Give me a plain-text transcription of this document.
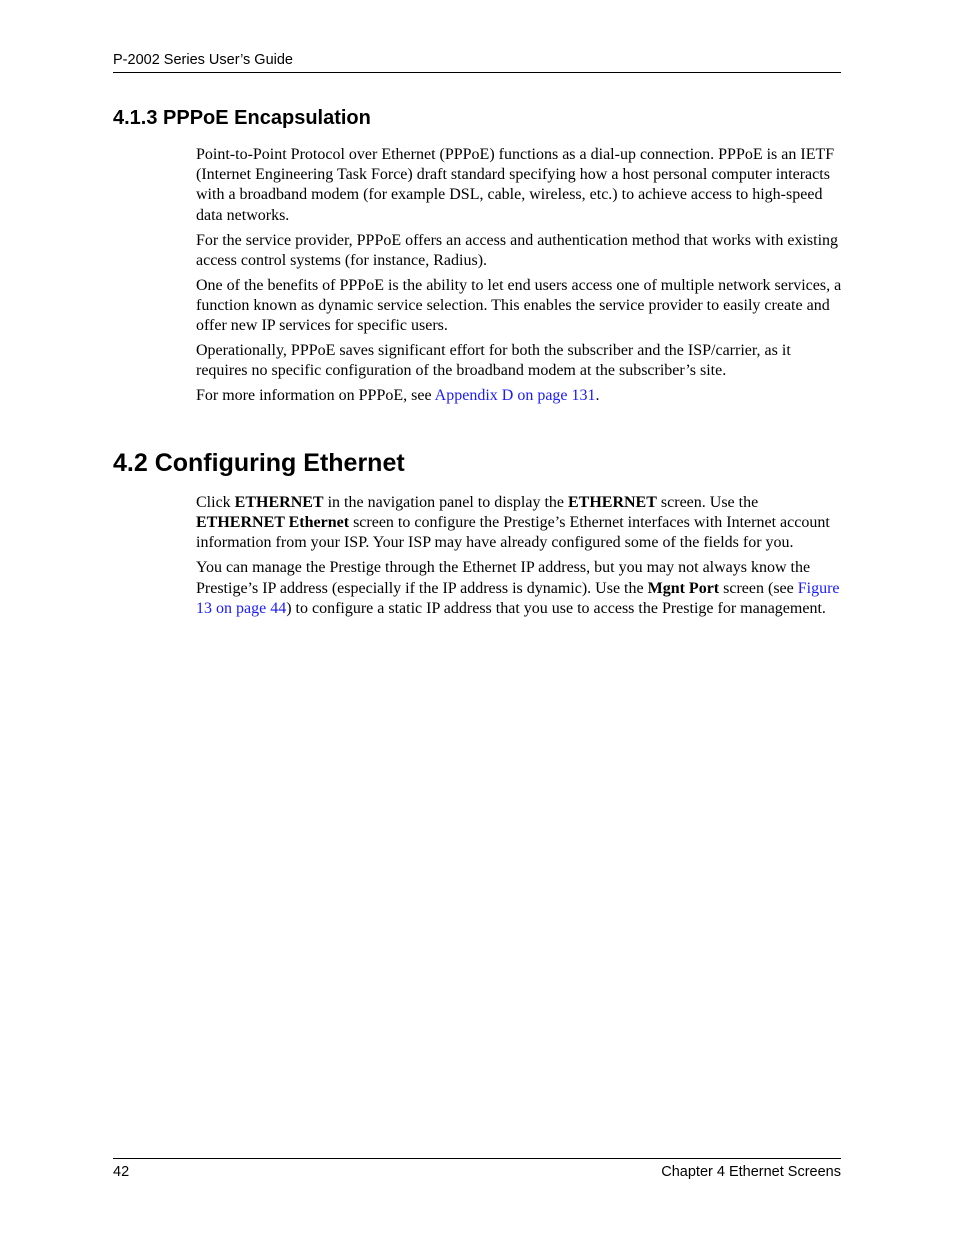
P-2002 Series User’s Guide
4.1.3 PPPoE Encapsulation

Point-to-Point Protocol over Ethernet (PPPoE) functions as a dial-up connection. PPPoE is an IETF (Internet Engineering Task Force) draft standard specifying how a host personal computer interacts with a broadband modem (for example DSL, cable, wireless, etc.) to achieve access to high-speed data networks.

For the service provider, PPPoE offers an access and authentication method that works with existing access control systems (for instance, Radius).

One of the benefits of PPPoE is the ability to let end users access one of multiple network services, a function known as dynamic service selection. This enables the service provider to easily create and offer new IP services for specific users.

Operationally, PPPoE saves significant effort for both the subscriber and the ISP/carrier, as it requires no specific configuration of the broadband modem at the subscriber’s site.

For more information on PPPoE, see Appendix D on page 131.

4.2 Configuring Ethernet

Click ETHERNET in the navigation panel to display the ETHERNET screen. Use the ETHERNET Ethernet screen to configure the Prestige’s Ethernet interfaces with Internet account information from your ISP. Your ISP may have already configured some of the fields for you.

You can manage the Prestige through the Ethernet IP address, but you may not always know the Prestige’s IP address (especially if the IP address is dynamic). Use the Mgnt Port screen (see Figure 13 on page 44) to configure a static IP address that you use to access the Prestige for management.

42	Chapter 4 Ethernet Screens
